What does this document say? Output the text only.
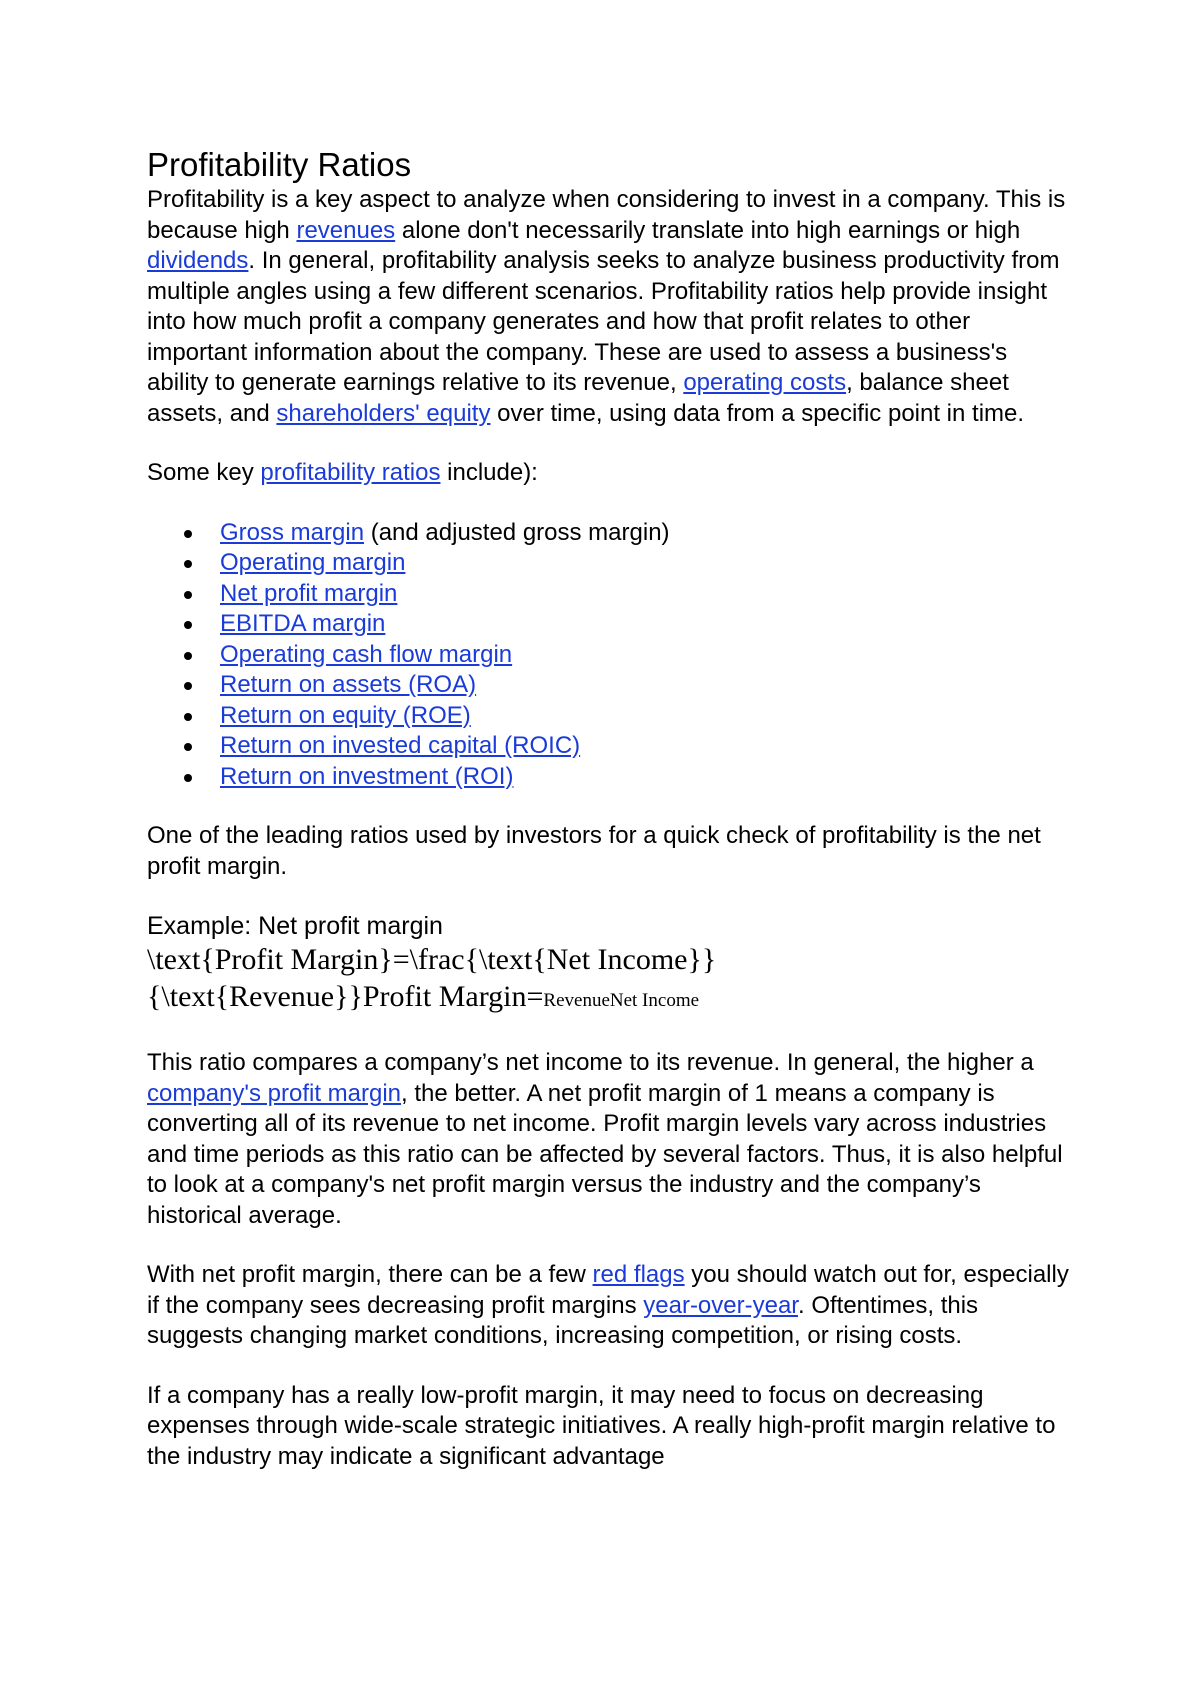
Profitability Ratios

Profitability is a key aspect to analyze when considering to invest in a company. This is because high revenues alone don't necessarily translate into high earnings or high dividends. In general, profitability analysis seeks to analyze business productivity from multiple angles using a few different scenarios. Profitability ratios help provide insight into how much profit a company generates and how that profit relates to other important information about the company. These are used to assess a business's ability to generate earnings relative to its revenue, operating costs, balance sheet assets, and shareholders' equity over time, using data from a specific point in time.

Some key profitability ratios include):

Gross margin (and adjusted gross margin)
Operating margin
Net profit margin
EBITDA margin
Operating cash flow margin
Return on assets (ROA)
Return on equity (ROE)
Return on invested capital (ROIC)
Return on investment (ROI)

One of the leading ratios used by investors for a quick check of profitability is the net profit margin.

Example: Net profit margin
\text{Profit Margin}=\frac{\text{Net Income}}
{\text{Revenue}}Profit Margin=RevenueNet Income

This ratio compares a company’s net income to its revenue. In general, the higher a company's profit margin, the better. A net profit margin of 1 means a company is converting all of its revenue to net income. Profit margin levels vary across industries and time periods as this ratio can be affected by several factors. Thus, it is also helpful to look at a company's net profit margin versus the industry and the company’s historical average.

With net profit margin, there can be a few red flags you should watch out for, especially if the company sees decreasing profit margins year-over-year. Oftentimes, this suggests changing market conditions, increasing competition, or rising costs.

If a company has a really low-profit margin, it may need to focus on decreasing expenses through wide-scale strategic initiatives. A really high-profit margin relative to the industry may indicate a significant advantage
